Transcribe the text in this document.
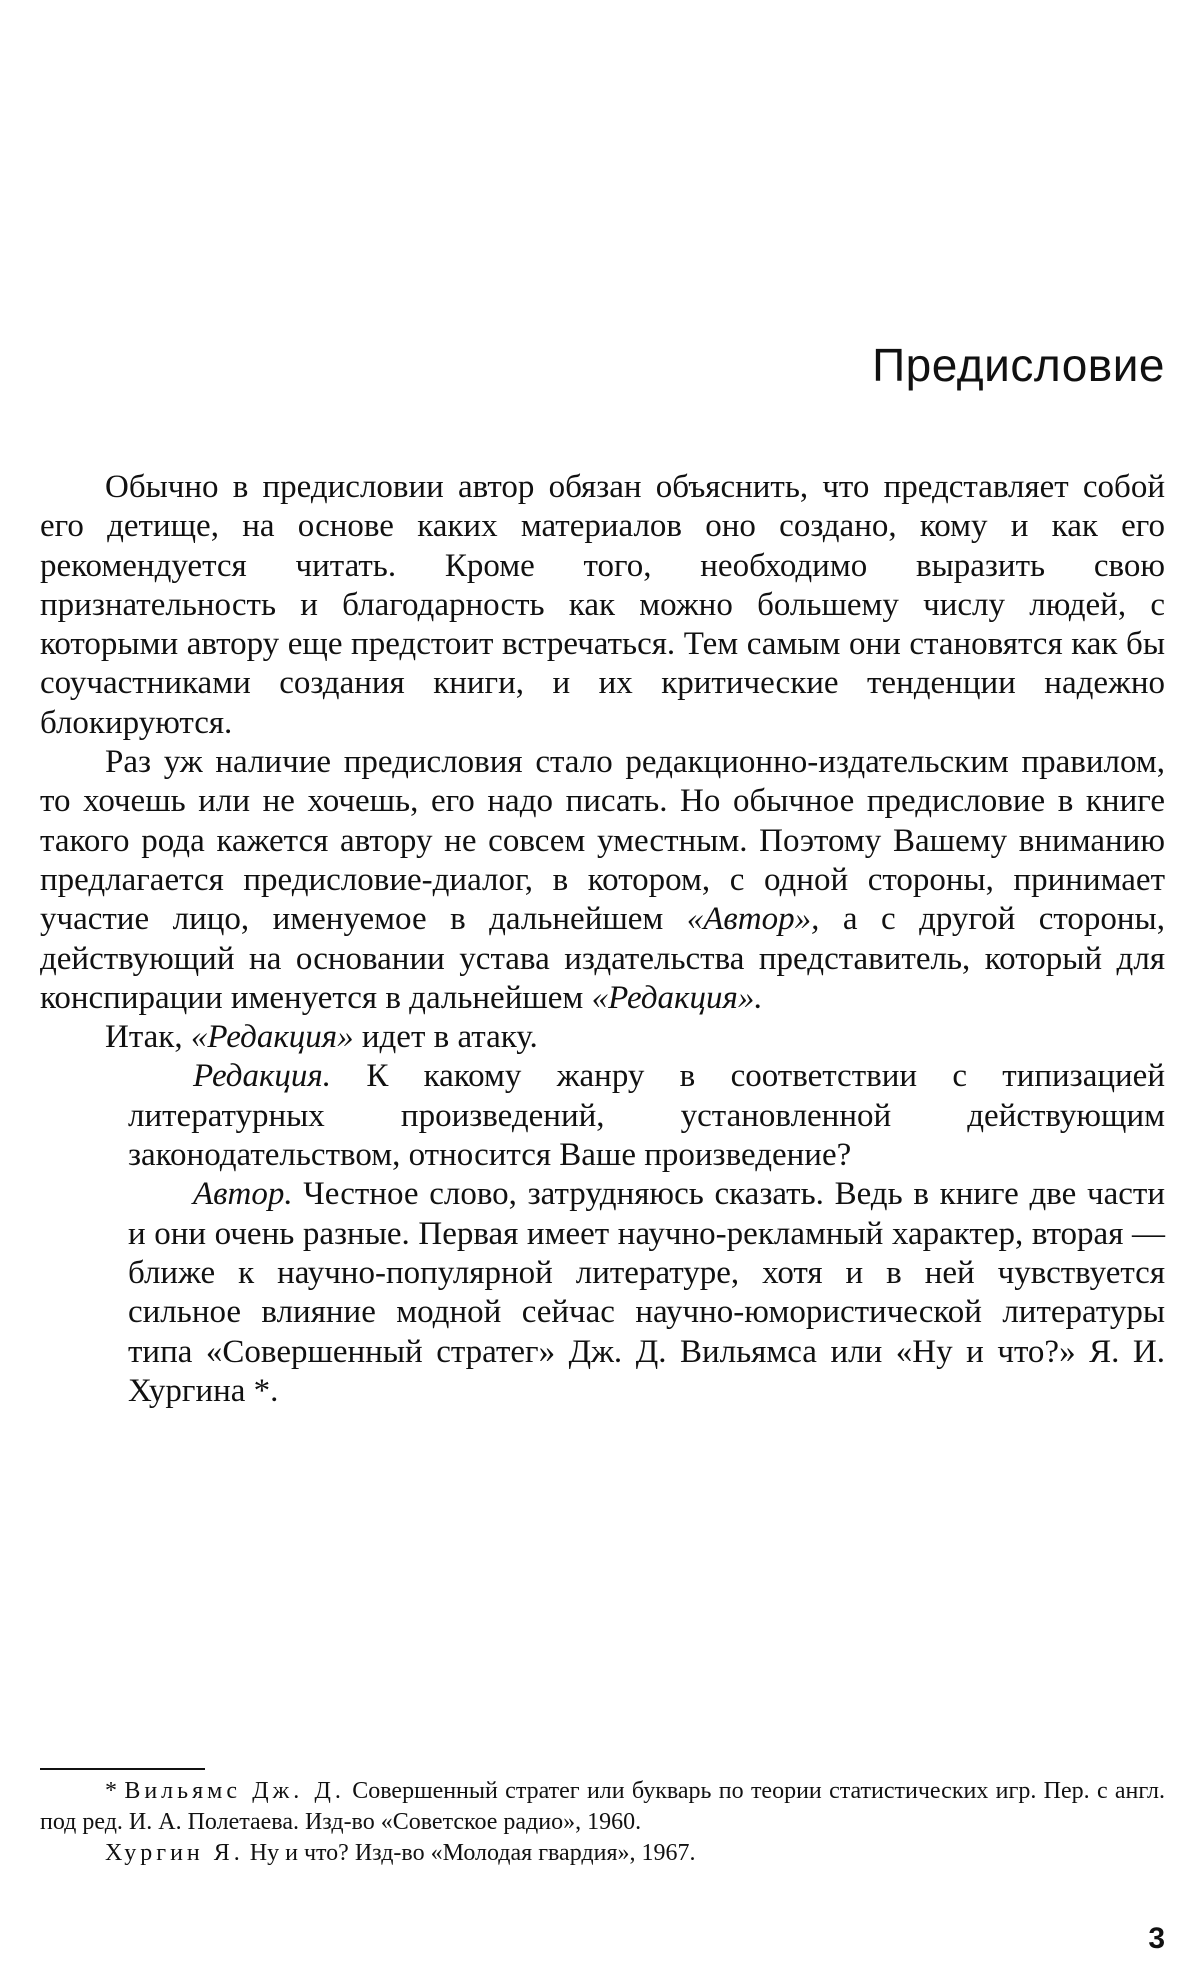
Предисловие

Обычно в предисловии автор обязан объяснить, что представляет собой его детище, на основе каких материалов оно создано, кому и как его рекомендуется читать. Кроме того, необходимо выразить свою признательность и благодарность как можно большему числу людей, с которыми автору еще предстоит встречаться. Тем самым они становятся как бы соучастниками создания книги, и их критические тенденции надежно блокируются.

Раз уж наличие предисловия стало редакционно-издательским правилом, то хочешь или не хочешь, его надо писать. Но обычное предисловие в книге такого рода кажется автору не совсем уместным. Поэтому Вашему вниманию предлагается предисловие-диалог, в котором, с одной стороны, принимает участие лицо, именуемое в дальнейшем «Автор», а с другой стороны, действующий на основании устава издательства представитель, который для конспирации именуется в дальнейшем «Редакция».

Итак, «Редакция» идет в атаку.

Редакция. К какому жанру в соответствии с типизацией литературных произведений, установленной действующим законодательством, относится Ваше произведение?

Автор. Честное слово, затрудняюсь сказать. Ведь в книге две части и они очень разные. Первая имеет научно-рекламный характер, вторая — ближе к научно-популярной литературе, хотя и в ней чувствуется сильное влияние модной сейчас научно-юмористической литературы типа «Совершенный стратег» Дж. Д. Вильямса или «Ну и что?» Я. И. Хургина *.

* Вильямс Дж. Д. Совершенный стратег или букварь по теории статистических игр. Пер. с англ. под ред. И. А. Полетаева. Изд-во «Советское радио», 1960.

Хургин Я. Ну и что? Изд-во «Молодая гвардия», 1967.

3
